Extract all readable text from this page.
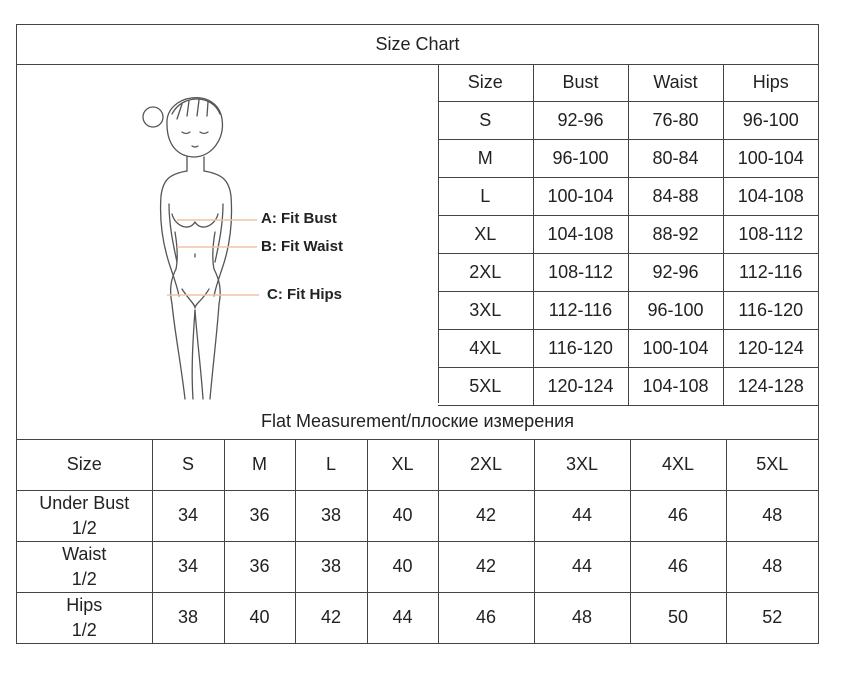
Size Chart
A: Fit Bust
B: Fit Waist
C: Fit Hips
Size	Bust	Waist	Hips
S	92-96	76-80	96-100
M	96-100	80-84	100-104
L	100-104	84-88	104-108
XL	104-108	88-92	108-112
2XL	108-112	92-96	112-116
3XL	112-116	96-100	116-120
4XL	116-120	100-104	120-124
5XL	120-124	104-108	124-128
Flat Measurement/плоские измерения
Size	S	M	L	XL	2XL	3XL	4XL	5XL

Under Bust
1/2	34	36	38	40	42	44	46	48

Waist
1/2	34	36	38	40	42	44	46	48

Hips
1/2	38	40	42	44	46	48	50	52
